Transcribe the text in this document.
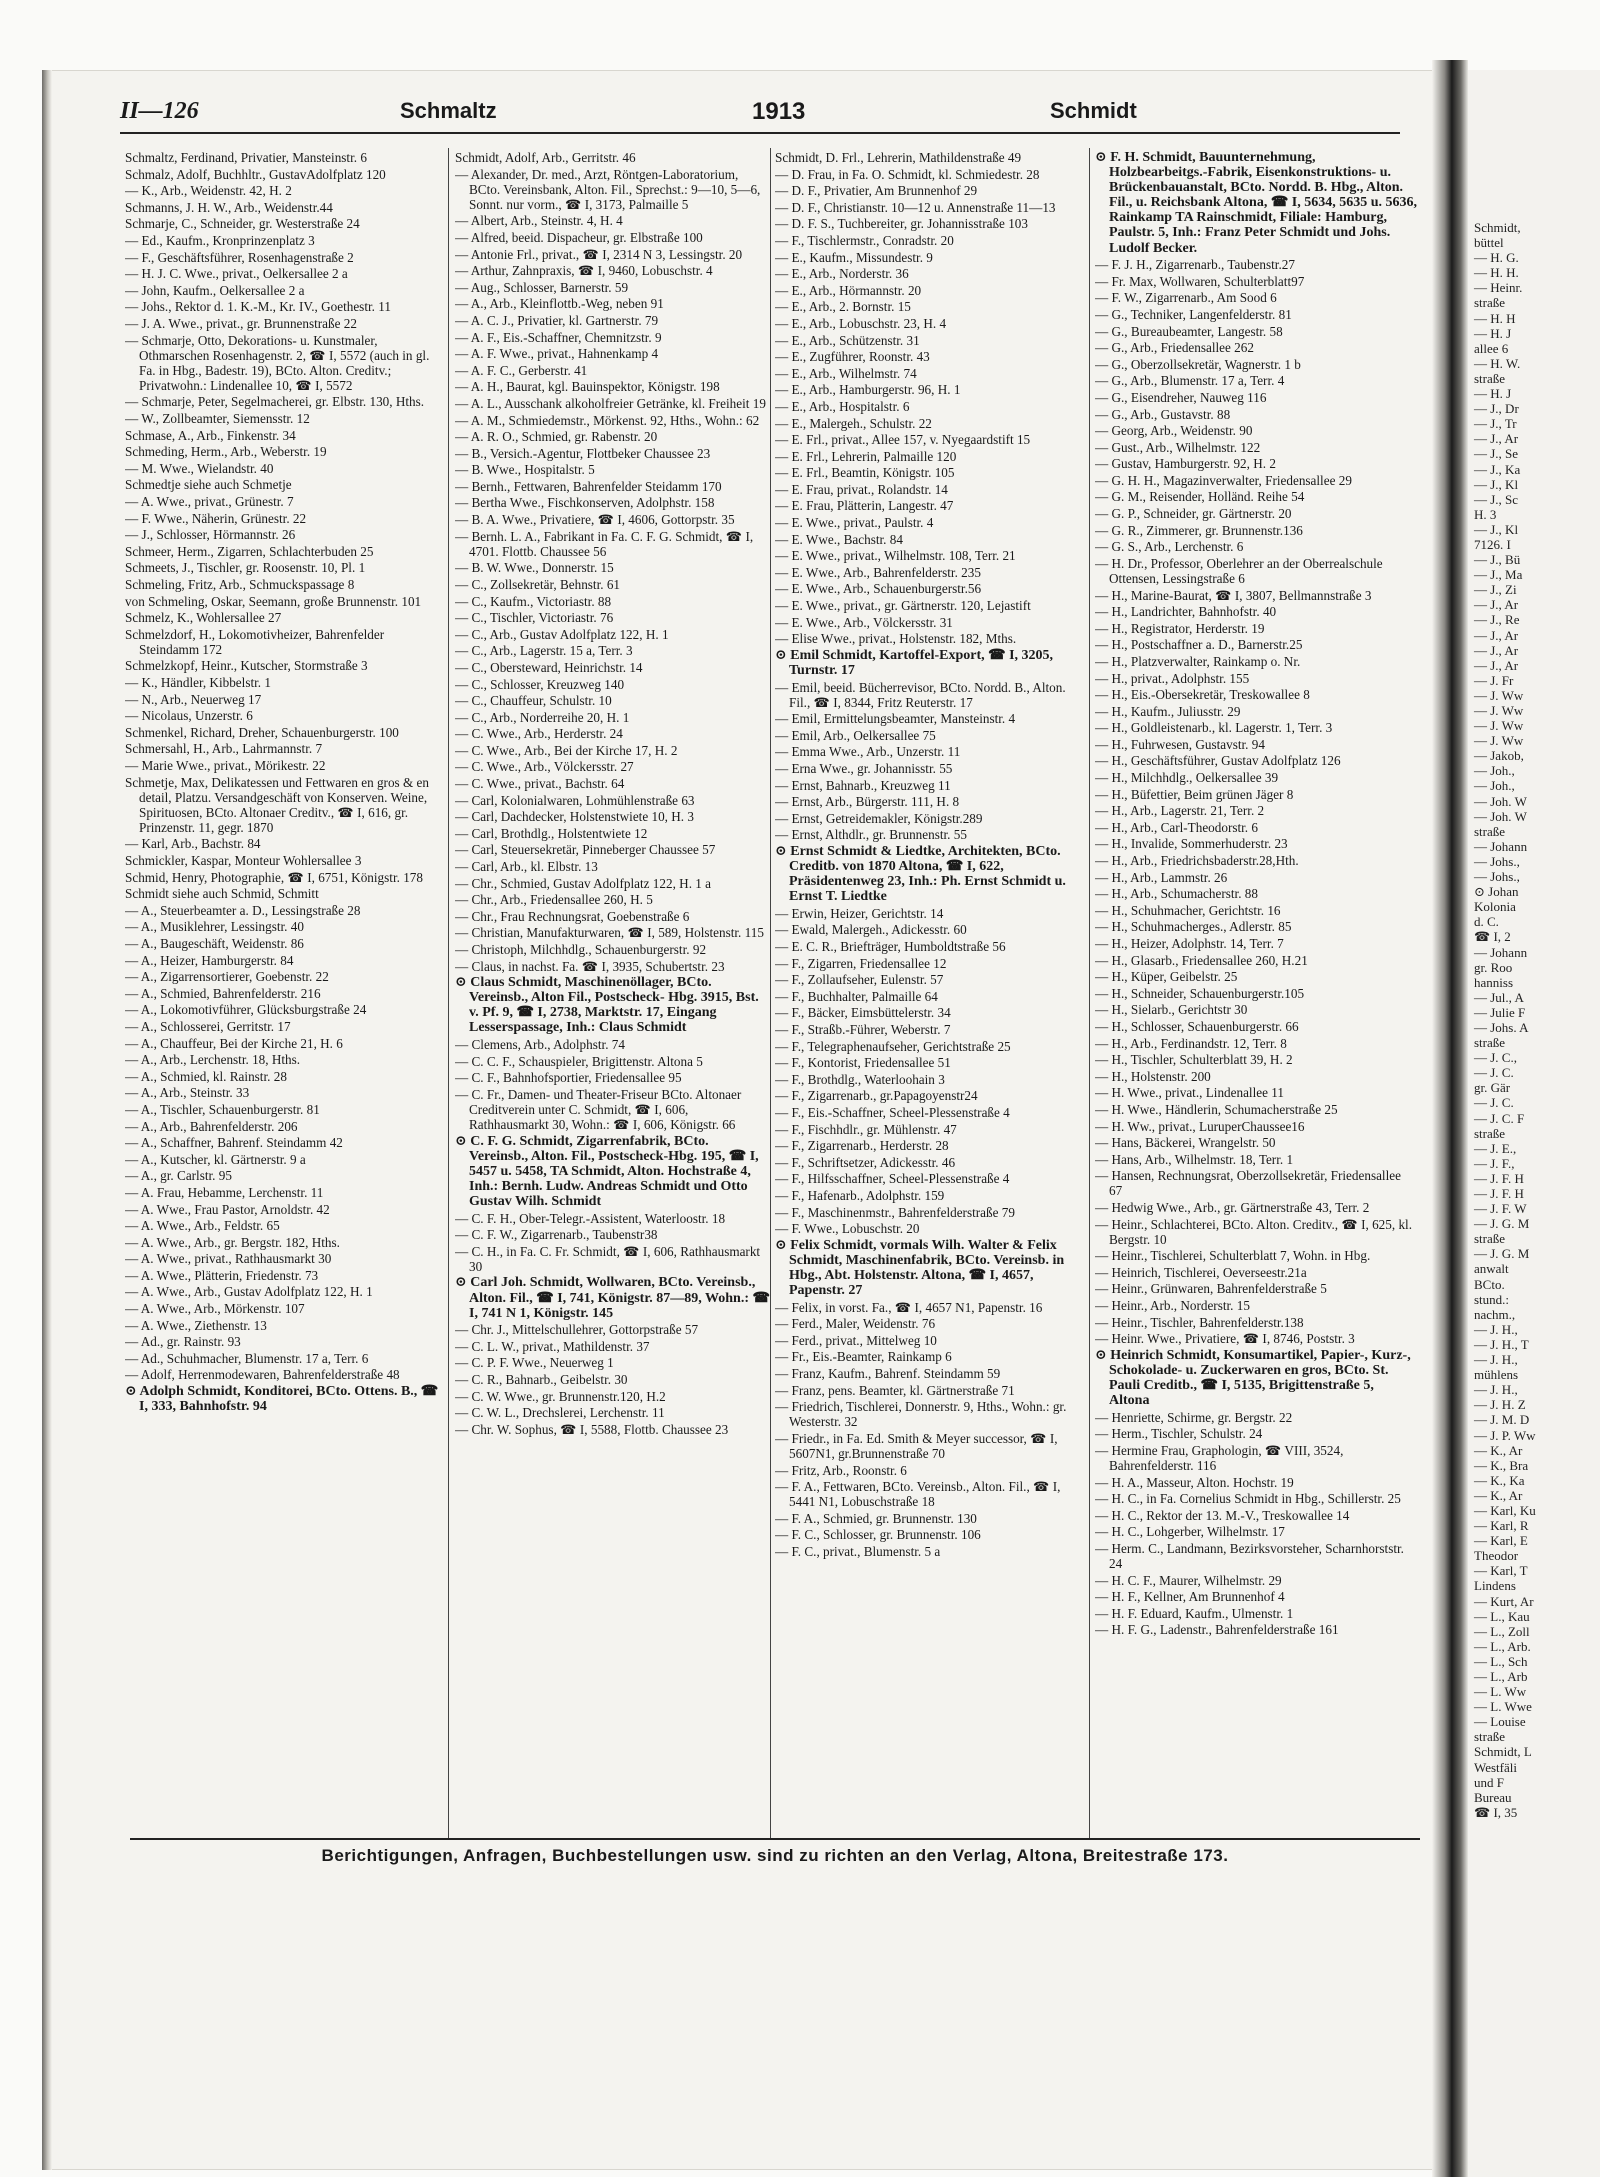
Schmidt,
büttel
— H. G.
— H. H.
— Heinr.
straße
— H. H
— H. J
allee 6
— H. W.
straße
— H. J
— J., Dr
— J., Tr
— J., Ar
— J., Se
— J., Ka
— J., Kl
— J., Sc
H. 3
— J., Kl
7126. I
— J., Bü
— J., Ma
— J., Zi
— J., Ar
— J., Re
— J., Ar
— J., Ar
— J., Ar
— J. Fr
— J. Ww
— J. Ww
— J. Ww
— J. Ww
— Jakob,
— Joh.,
— Joh.,
— Joh. W
— Joh. W
straße
— Johann
— Johs.,
— Johs.,
⊙ Johan
Kolonia
d. C.
☎ I, 2
— Johann
gr. Roo
hanniss
— Jul., A
— Julie F
— Johs. A
straße
— J. C.,
— J. C.
gr. Gär
— J. C.
— J. C. F
straße
— J. E.,
— J. F.,
— J. F. H
— J. F. H
— J. F. W
— J. G. M
straße
— J. G. M
anwalt
BCto.
stund.:
nachm.,
— J. H.,
— J. H., T
— J. H.,
mühlens
— J. H.,
— J. H. Z
— J. M. D
— J. P. Ww
— K., Ar
— K., Bra
— K., Ka
— K., Ar
— Karl, Ku
— Karl, R
— Karl, E
Theodor
— Karl, T
Lindens
— Kurt, Ar
— L., Kau
— L., Zoll
— L., Arb.
— L., Sch
— L., Arb
— L. Ww
— L. Wwe
— Louise
straße
Schmidt, L
Westfäli
und F
Bureau
☎ I, 35
II—126	Schmaltz	1913	Schmidt
Schmaltz, Ferdinand, Privatier, Mansteinstr. 6
Schmalz, Adolf, Buchhltr., GustavAdolfplatz 120
— K., Arb., Weidenstr. 42, H. 2
Schmanns, J. H. W., Arb., Weidenstr.44
Schmarje, C., Schneider, gr. Westerstraße 24
— Ed., Kaufm., Kronprinzenplatz 3
— F., Geschäftsführer, Rosenhagenstraße 2
— H. J. C. Wwe., privat., Oelkersallee 2 a
— John, Kaufm., Oelkersallee 2 a
— Johs., Rektor d. 1. K.-M., Kr. IV., Goethestr. 11
— J. A. Wwe., privat., gr. Brunnenstraße 22
— Schmarje, Otto, Dekorations- u. Kunstmaler, Othmarschen Rosenhagenstr. 2, ☎ I, 5572 (auch in gl. Fa. in Hbg., Badestr. 19), BCto. Alton. Creditv.; Privatwohn.: Lindenallee 10, ☎ I, 5572
— Schmarje, Peter, Segelmacherei, gr. Elbstr. 130, Hths.
— W., Zollbeamter, Siemensstr. 12
Schmase, A., Arb., Finkenstr. 34
Schmeding, Herm., Arb., Weberstr. 19
— M. Wwe., Wielandstr. 40
Schmedtje siehe auch Schmetje
— A. Wwe., privat., Grünestr. 7
— F. Wwe., Näherin, Grünestr. 22
— J., Schlosser, Hörmannstr. 26
Schmeer, Herm., Zigarren, Schlachterbuden 25
Schmeets, J., Tischler, gr. Roosenstr. 10, Pl. 1
Schmeling, Fritz, Arb., Schmuckspassage 8
von Schmeling, Oskar, Seemann, große Brunnenstr. 101
Schmelz, K., Wohlersallee 27
Schmelzdorf, H., Lokomotivheizer, Bahrenfelder Steindamm 172
Schmelzkopf, Heinr., Kutscher, Stormstraße 3
— K., Händler, Kibbelstr. 1
— N., Arb., Neuerweg 17
— Nicolaus, Unzerstr. 6
Schmenkel, Richard, Dreher, Schauenburgerstr. 100
Schmersahl, H., Arb., Lahrmannstr. 7
— Marie Wwe., privat., Mörikestr. 22
Schmetje, Max, Delikatessen und Fettwaren en gros & en detail, Platzu. Versandgeschäft von Konserven. Weine, Spirituosen, BCto. Altonaer Creditv., ☎ I, 616, gr. Prinzenstr. 11, gegr. 1870
— Karl, Arb., Bachstr. 84
Schmickler, Kaspar, Monteur Wohlersallee 3
Schmid, Henry, Photographie, ☎ I, 6751, Königstr. 178
Schmidt siehe auch Schmid, Schmitt
— A., Steuerbeamter a. D., Lessingstraße 28
— A., Musiklehrer, Lessingstr. 40
— A., Baugeschäft, Weidenstr. 86
— A., Heizer, Hamburgerstr. 84
— A., Zigarrensortierer, Goebenstr. 22
— A., Schmied, Bahrenfelderstr. 216
— A., Lokomotivführer, Glücksburgstraße 24
— A., Schlosserei, Gerritstr. 17
— A., Chauffeur, Bei der Kirche 21, H. 6
— A., Arb., Lerchenstr. 18, Hths.
— A., Schmied, kl. Rainstr. 28
— A., Arb., Steinstr. 33
— A., Tischler, Schauenburgerstr. 81
— A., Arb., Bahrenfelderstr. 206
— A., Schaffner, Bahrenf. Steindamm 42
— A., Kutscher, kl. Gärtnerstr. 9 a
— A., gr. Carlstr. 95
— A. Frau, Hebamme, Lerchenstr. 11
— A. Wwe., Frau Pastor, Arnoldstr. 42
— A. Wwe., Arb., Feldstr. 65
— A. Wwe., Arb., gr. Bergstr. 182, Hths.
— A. Wwe., privat., Rathhausmarkt 30
— A. Wwe., Plätterin, Friedenstr. 73
— A. Wwe., Arb., Gustav Adolfplatz 122, H. 1
— A. Wwe., Arb., Mörkenstr. 107
— A. Wwe., Ziethenstr. 13
— Ad., gr. Rainstr. 93
— Ad., Schuhmacher, Blumenstr. 17 a, Terr. 6
— Adolf, Herrenmodewaren, Bahrenfelderstraße 48
⊙ Adolph Schmidt, Konditorei, BCto. Ottens. B., ☎ I, 333, Bahnhofstr. 94
Schmidt, Adolf, Arb., Gerritstr. 46
— Alexander, Dr. med., Arzt, Röntgen-Laboratorium, BCto. Vereinsbank, Alton. Fil., Sprechst.: 9—10, 5—6, Sonnt. nur vorm., ☎ I, 3173, Palmaille 5
— Albert, Arb., Steinstr. 4, H. 4
— Alfred, beeid. Dispacheur, gr. Elbstraße 100
— Antonie Frl., privat., ☎ I, 2314 N 3, Lessingstr. 20
— Arthur, Zahnpraxis, ☎ I, 9460, Lobuschstr. 4
— Aug., Schlosser, Barnerstr. 59
— A., Arb., Kleinflottb.-Weg, neben 91
— A. C. J., Privatier, kl. Gartnerstr. 79
— A. F., Eis.-Schaffner, Chemnitzstr. 9
— A. F. Wwe., privat., Hahnenkamp 4
— A. F. C., Gerberstr. 41
— A. H., Baurat, kgl. Bauinspektor, Königstr. 198
— A. L., Ausschank alkoholfreier Getränke, kl. Freiheit 19
— A. M., Schmiedemstr., Mörkenst. 92, Hths., Wohn.: 62
— A. R. O., Schmied, gr. Rabenstr. 20
— B., Versich.-Agentur, Flottbeker Chaussee 23
— B. Wwe., Hospitalstr. 5
— Bernh., Fettwaren, Bahrenfelder Steidamm 170
— Bertha Wwe., Fischkonserven, Adolphstr. 158
— B. A. Wwe., Privatiere, ☎ I, 4606, Gottorpstr. 35
— Bernh. L. A., Fabrikant in Fa. C. F. G. Schmidt, ☎ I, 4701. Flottb. Chaussee 56
— B. W. Wwe., Donnerstr. 15
— C., Zollsekretär, Behnstr. 61
— C., Kaufm., Victoriastr. 88
— C., Tischler, Victoriastr. 76
— C., Arb., Gustav Adolfplatz 122, H. 1
— C., Arb., Lagerstr. 15 a, Terr. 3
— C., Obersteward, Heinrichstr. 14
— C., Schlosser, Kreuzweg 140
— C., Chauffeur, Schulstr. 10
— C., Arb., Norderreihe 20, H. 1
— C. Wwe., Arb., Herderstr. 24
— C. Wwe., Arb., Bei der Kirche 17, H. 2
— C. Wwe., Arb., Völckersstr. 27
— C. Wwe., privat., Bachstr. 64
— Carl, Kolonialwaren, Lohmühlenstraße 63
— Carl, Dachdecker, Holstenstwiete 10, H. 3
— Carl, Brothdlg., Holstentwiete 12
— Carl, Steuersekretär, Pinneberger Chaussee 57
— Carl, Arb., kl. Elbstr. 13
— Chr., Schmied, Gustav Adolfplatz 122, H. 1 a
— Chr., Arb., Friedensallee 260, H. 5
— Chr., Frau Rechnungsrat, Goebenstraße 6
— Christian, Manufakturwaren, ☎ I, 589, Holstenstr. 115
— Christoph, Milchhdlg., Schauenburgerstr. 92
— Claus, in nachst. Fa. ☎ I, 3935, Schubertstr. 23
⊙ Claus Schmidt, Maschinenöllager, BCto. Vereinsb., Alton Fil., Postscheck- Hbg. 3915, Bst. v. Pf. 9, ☎ I, 2738, Marktstr. 17, Eingang Lesserspassage, Inh.: Claus Schmidt
— Clemens, Arb., Adolphstr. 74
— C. C. F., Schauspieler, Brigittenstr. Altona 5
— C. F., Bahnhofsportier, Friedensallee 95
— C. Fr., Damen- und Theater-Friseur BCto. Altonaer Creditverein unter C. Schmidt, ☎ I, 606, Rathhausmarkt 30, Wohn.: ☎ I, 606, Königstr. 66
⊙ C. F. G. Schmidt, Zigarrenfabrik, BCto. Vereinsb., Alton. Fil., Postscheck-Hbg. 195, ☎ I, 5457 u. 5458, TA Schmidt, Alton. Hochstraße 4, Inh.: Bernh. Ludw. Andreas Schmidt und Otto Gustav Wilh. Schmidt
— C. F. H., Ober-Telegr.-Assistent, Waterloostr. 18
— C. F. W., Zigarrenarb., Taubenstr38
— C. H., in Fa. C. Fr. Schmidt, ☎ I, 606, Rathhausmarkt 30
⊙ Carl Joh. Schmidt, Wollwaren, BCto. Vereinsb., Alton. Fil., ☎ I, 741, Königstr. 87—89, Wohn.: ☎ I, 741 N 1, Königstr. 145
— Chr. J., Mittelschullehrer, Gottorpstraße 57
— C. L. W., privat., Mathildenstr. 37
— C. P. F. Wwe., Neuerweg 1
— C. R., Bahnarb., Geibelstr. 30
— C. W. Wwe., gr. Brunnenstr.120, H.2
— C. W. L., Drechslerei, Lerchenstr. 11
— Chr. W. Sophus, ☎ I, 5588, Flottb. Chaussee 23
Schmidt, D. Frl., Lehrerin, Mathildenstraße 49
— D. Frau, in Fa. O. Schmidt, kl. Schmiedestr. 28
— D. F., Privatier, Am Brunnenhof 29
— D. F., Christianstr. 10—12 u. Annenstraße 11—13
— D. F. S., Tuchbereiter, gr. Johannisstraße 103
— F., Tischlermstr., Conradstr. 20
— E., Kaufm., Missundestr. 9
— E., Arb., Norderstr. 36
— E., Arb., Hörmannstr. 20
— E., Arb., 2. Bornstr. 15
— E., Arb., Lobuschstr. 23, H. 4
— E., Arb., Schützenstr. 31
— E., Zugführer, Roonstr. 43
— E., Arb., Wilhelmstr. 74
— E., Arb., Hamburgerstr. 96, H. 1
— E., Arb., Hospitalstr. 6
— E., Malergeh., Schulstr. 22
— E. Frl., privat., Allee 157, v. Nyegaardstift 15
— E. Frl., Lehrerin, Palmaille 120
— E. Frl., Beamtin, Königstr. 105
— E. Frau, privat., Rolandstr. 14
— E. Frau, Plätterin, Langestr. 47
— E. Wwe., privat., Paulstr. 4
— E. Wwe., Bachstr. 84
— E. Wwe., privat., Wilhelmstr. 108, Terr. 21
— E. Wwe., Arb., Bahrenfelderstr. 235
— E. Wwe., Arb., Schauenburgerstr.56
— E. Wwe., privat., gr. Gärtnerstr. 120, Lejastift
— E. Wwe., Arb., Völckersstr. 31
— Elise Wwe., privat., Holstenstr. 182, Mths.
⊙ Emil Schmidt, Kartoffel-Export, ☎ I, 3205, Turnstr. 17
— Emil, beeid. Bücherrevisor, BCto. Nordd. B., Alton. Fil., ☎ I, 8344, Fritz Reuterstr. 17
— Emil, Ermittelungsbeamter, Mansteinstr. 4
— Emil, Arb., Oelkersallee 75
— Emma Wwe., Arb., Unzerstr. 11
— Erna Wwe., gr. Johannisstr. 55
— Ernst, Bahnarb., Kreuzweg 11
— Ernst, Arb., Bürgerstr. 111, H. 8
— Ernst, Getreidemakler, Königstr.289
— Ernst, Althdlr., gr. Brunnenstr. 55
⊙ Ernst Schmidt & Liedtke, Architekten, BCto. Creditb. von 1870 Altona, ☎ I, 622, Präsidentenweg 23, Inh.: Ph. Ernst Schmidt u. Ernst T. Liedtke
— Erwin, Heizer, Gerichtstr. 14
— Ewald, Malergeh., Adickesstr. 60
— E. C. R., Briefträger, Humboldtstraße 56
— F., Zigarren, Friedensallee 12
— F., Zollaufseher, Eulenstr. 57
— F., Buchhalter, Palmaille 64
— F., Bäcker, Eimsbüttelerstr. 34
— F., Straßb.-Führer, Weberstr. 7
— F., Telegraphenaufseher, Gerichtstraße 25
— F., Kontorist, Friedensallee 51
— F., Brothdlg., Waterloohain 3
— F., Zigarrenarb., gr.Papagoyenstr24
— F., Eis.-Schaffner, Schеel-Plessenstraße 4
— F., Fischhdlr., gr. Mühlenstr. 47
— F., Zigarrenarb., Herderstr. 28
— F., Schriftsetzer, Adickesstr. 46
— F., Hilfsschaffner, Scheel-Plessenstraße 4
— F., Hafenarb., Adolphstr. 159
— F., Maschinenmstr., Bahrenfelderstraße 79
— F. Wwe., Lobuschstr. 20
⊙ Felix Schmidt, vormals Wilh. Walter & Felix Schmidt, Maschinenfabrik, BCto. Vereinsb. in Hbg., Abt. Holstenstr. Altona, ☎ I, 4657, Papenstr. 27
— Felix, in vorst. Fa., ☎ I, 4657 N1, Papenstr. 16
— Ferd., Maler, Weidenstr. 76
— Ferd., privat., Mittelweg 10
— Fr., Eis.-Beamter, Rainkamp 6
— Franz, Kaufm., Bahrenf. Steindamm 59
— Franz, pens. Beamter, kl. Gärtnerstraße 71
— Friedrich, Tischlerei, Donnerstr. 9, Hths., Wohn.: gr. Westerstr. 32
— Friedr., in Fa. Ed. Smith & Meyer successor, ☎ I, 5607N1, gr.Brunnenstraße 70
— Fritz, Arb., Roonstr. 6
— F. A., Fettwaren, BCto. Vereinsb., Alton. Fil., ☎ I, 5441 N1, Lobuschstraße 18
— F. A., Schmied, gr. Brunnenstr. 130
— F. C., Schlosser, gr. Brunnenstr. 106
— F. C., privat., Blumenstr. 5 a
⊙ F. H. Schmidt, Bauunternehmung, Holzbearbeitgs.-Fabrik, Eisenkonstruktions- u. Brückenbauanstalt, BCto. Nordd. B. Hbg., Alton. Fil., u. Reichsbank Altona, ☎ I, 5634, 5635 u. 5636, Rainkamp TA Rainschmidt, Filiale: Hamburg, Paulstr. 5, Inh.: Franz Peter Schmidt und Johs. Ludolf Becker.
— F. J. H., Zigarrenarb., Taubenstr.27
— Fr. Max, Wollwaren, Schulterblatt97
— F. W., Zigarrenarb., Am Sood 6
— G., Techniker, Langenfelderstr. 81
— G., Bureaubeamter, Langestr. 58
— G., Arb., Friedensallee 262
— G., Oberzollsekretär, Wagnerstr. 1 b
— G., Arb., Blumenstr. 17 a, Terr. 4
— G., Eisendreher, Nauweg 116
— G., Arb., Gustavstr. 88
— Georg, Arb., Weidenstr. 90
— Gust., Arb., Wilhelmstr. 122
— Gustav, Hamburgerstr. 92, H. 2
— G. H. H., Magazinverwalter, Friedensallee 29
— G. M., Reisender, Holländ. Reihe 54
— G. P., Schneider, gr. Gärtnerstr. 20
— G. R., Zimmerer, gr. Brunnenstr.136
— G. S., Arb., Lerchenstr. 6
— H. Dr., Professor, Oberlehrer an der Oberrealschule Ottensen, Lessingstraße 6
— H., Marine-Baurat, ☎ I, 3807, Bellmannstraße 3
— H., Landrichter, Bahnhofstr. 40
— H., Registrator, Herderstr. 19
— H., Postschaffner a. D., Barnerstr.25
— H., Platzverwalter, Rainkamp o. Nr.
— H., privat., Adolphstr. 155
— H., Eis.-Obersekretär, Treskowallee 8
— H., Kaufm., Juliusstr. 29
— H., Goldleistenarb., kl. Lagerstr. 1, Terr. 3
— H., Fuhrwesen, Gustavstr. 94
— H., Geschäftsführer, Gustav Adolfplatz 126
— H., Milchhdlg., Oelkersallee 39
— H., Büfettier, Beim grünen Jäger 8
— H., Arb., Lagerstr. 21, Terr. 2
— H., Arb., Carl-Theodorstr. 6
— H., Invalide, Sommerhuderstr. 23
— H., Arb., Friedrichsbaderstr.28,Hth.
— H., Arb., Lammstr. 26
— H., Arb., Schumacherstr. 88
— H., Schuhmacher, Gerichtstr. 16
— H., Schuhmachergеs., Adlerstr. 85
— H., Heizer, Adolphstr. 14, Terr. 7
— H., Glasarb., Friedensallee 260, H.21
— H., Küper, Geibelstr. 25
— H., Schneider, Schauenburgerstr.105
— H., Sielarb., Gerichtstr 30
— H., Schlosser, Schauenburgerstr. 66
— H., Arb., Ferdinandstr. 12, Terr. 8
— H., Tischler, Schulterblatt 39, H. 2
— H., Holstenstr. 200
— H. Wwe., privat., Lindenallee 11
— H. Wwe., Händlerin, Schumacherstraße 25
— H. Ww., privat., LuruperChaussee16
— Hans, Bäckerei, Wrangelstr. 50
— Hans, Arb., Wilhelmstr. 18, Terr. 1
— Hansen, Rechnungsrat, Oberzollsekretär, Friedensallee 67
— Hedwig Wwe., Arb., gr. Gärtnerstraße 43, Terr. 2
— Heinr., Schlachterei, BCto. Alton. Creditv., ☎ I, 625, kl. Bergstr. 10
— Heinr., Tischlerei, Schulterblatt 7, Wohn. in Hbg.
— Heinrich, Tischlerei, Oeverseestr.21a
— Heinr., Grünwaren, Bahrenfelderstraße 5
— Heinr., Arb., Norderstr. 15
— Heinr., Tischler, Bahrenfelderstr.138
— Heinr. Wwe., Privatiere, ☎ I, 8746, Poststr. 3
⊙ Heinrich Schmidt, Konsumartikel, Papier-, Kurz-, Schokolade- u. Zuckerwaren en gros, BCto. St. Pauli Creditb., ☎ I, 5135, Brigittenstraße 5, Altona
— Henriette, Schirme, gr. Bergstr. 22
— Herm., Tischler, Schulstr. 24
— Hermine Frau, Graphologin, ☎ VIII, 3524, Bahrenfelderstr. 116
— H. A., Masseur, Alton. Hochstr. 19
— H. C., in Fa. Cornelius Schmidt in Hbg., Schillerstr. 25
— H. C., Rektor der 13. M.-V., Treskowallee 14
— H. C., Lohgerber, Wilhelmstr. 17
— Herm. C., Landmann, Bezirksvorsteher, Scharnhorststr. 24
— H. C. F., Maurer, Wilhelmstr. 29
— H. F., Kellner, Am Brunnenhof 4
— H. F. Eduard, Kaufm., Ulmenstr. 1
— H. F. G., Ladenstr., Bahrenfelderstraße 161
Berichtigungen, Anfragen, Buchbestellungen usw. sind zu richten an den Verlag, Altona, Breitestraße 173.
